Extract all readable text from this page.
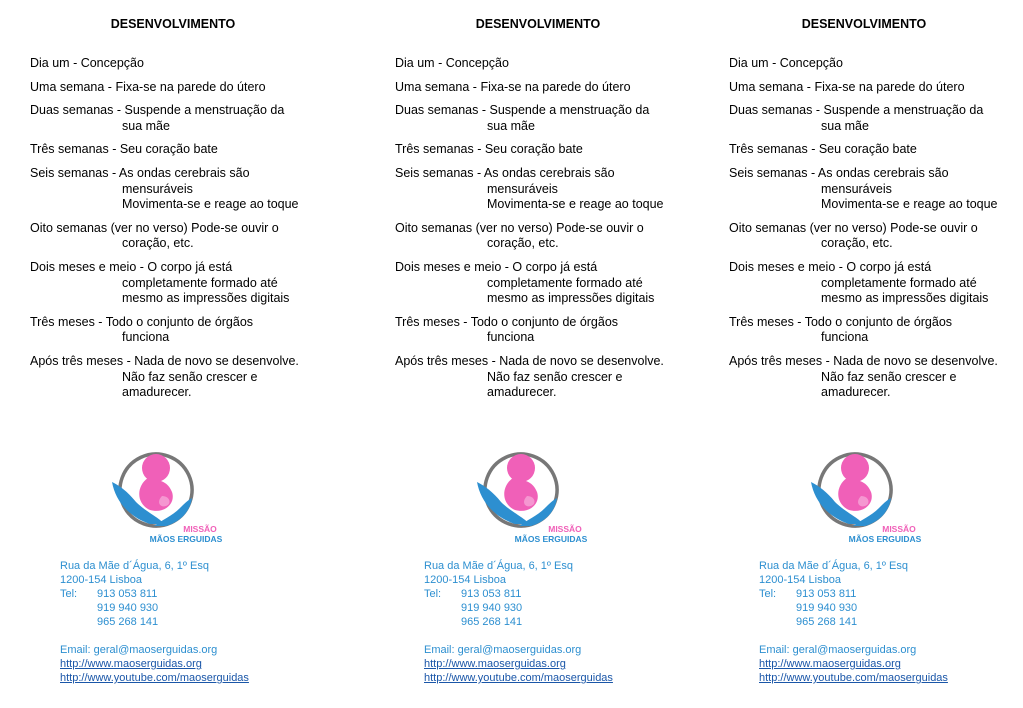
DESENVOLVIMENTO
Dia um - Concepção
Uma semana - Fixa-se na parede do útero
Duas semanas - Suspende a menstruação da
sua mãe
Três semanas - Seu coração bate
Seis semanas - As ondas cerebrais são
mensuráveis
Movimenta-se e reage ao toque
Oito semanas (ver no verso) Pode-se ouvir o
coração, etc.
Dois meses e meio - O corpo já está
completamente formado até
mesmo as impressões digitais
Três meses - Todo o conjunto de órgãos
funciona
Após três meses - Nada de novo se desenvolve.
Não faz senão crescer e
amadurecer.
DESENVOLVIMENTO
Dia um - Concepção
Uma semana - Fixa-se na parede do útero
Duas semanas - Suspende a menstruação da
sua mãe
Três semanas - Seu coração bate
Seis semanas - As ondas cerebrais são
mensuráveis
Movimenta-se e reage ao toque
Oito semanas (ver no verso) Pode-se ouvir o
coração, etc.
Dois meses e meio - O corpo já está
completamente formado até
mesmo as impressões digitais
Três meses - Todo o conjunto de órgãos
funciona
Após três meses - Nada de novo se desenvolve.
Não faz senão crescer e
amadurecer.
DESENVOLVIMENTO
Dia um - Concepção
Uma semana - Fixa-se na parede do útero
Duas semanas - Suspende a menstruação da
sua mãe
Três semanas - Seu coração bate
Seis semanas - As ondas cerebrais são
mensuráveis
Movimenta-se e reage ao toque
Oito semanas (ver no verso) Pode-se ouvir o
coração, etc.
Dois meses e meio - O corpo já está
completamente formado até
mesmo as impressões digitais
Três meses - Todo o conjunto de órgãos
funciona
Após três meses - Nada de novo se desenvolve.
Não faz senão crescer e
amadurecer.
MISSÃO
MÃOS ERGUIDAS
MISSÃO
MÃOS ERGUIDAS
MISSÃO
MÃOS ERGUIDAS
Rua da Mãe d´Água, 6, 1º Esq
1200-154 Lisboa
Tel:	913 053 811
919 940 930
965 268 141
Email: geral@maoserguidas.org
http://www.maoserguidas.org
http://www.youtube.com/maoserguidas
Rua da Mãe d´Água, 6, 1º Esq
1200-154 Lisboa
Tel:	913 053 811
919 940 930
965 268 141
Email: geral@maoserguidas.org
http://www.maoserguidas.org
http://www.youtube.com/maoserguidas
Rua da Mãe d´Água, 6, 1º Esq
1200-154 Lisboa
Tel:	913 053 811
919 940 930
965 268 141
Email: geral@maoserguidas.org
http://www.maoserguidas.org
http://www.youtube.com/maoserguidas
